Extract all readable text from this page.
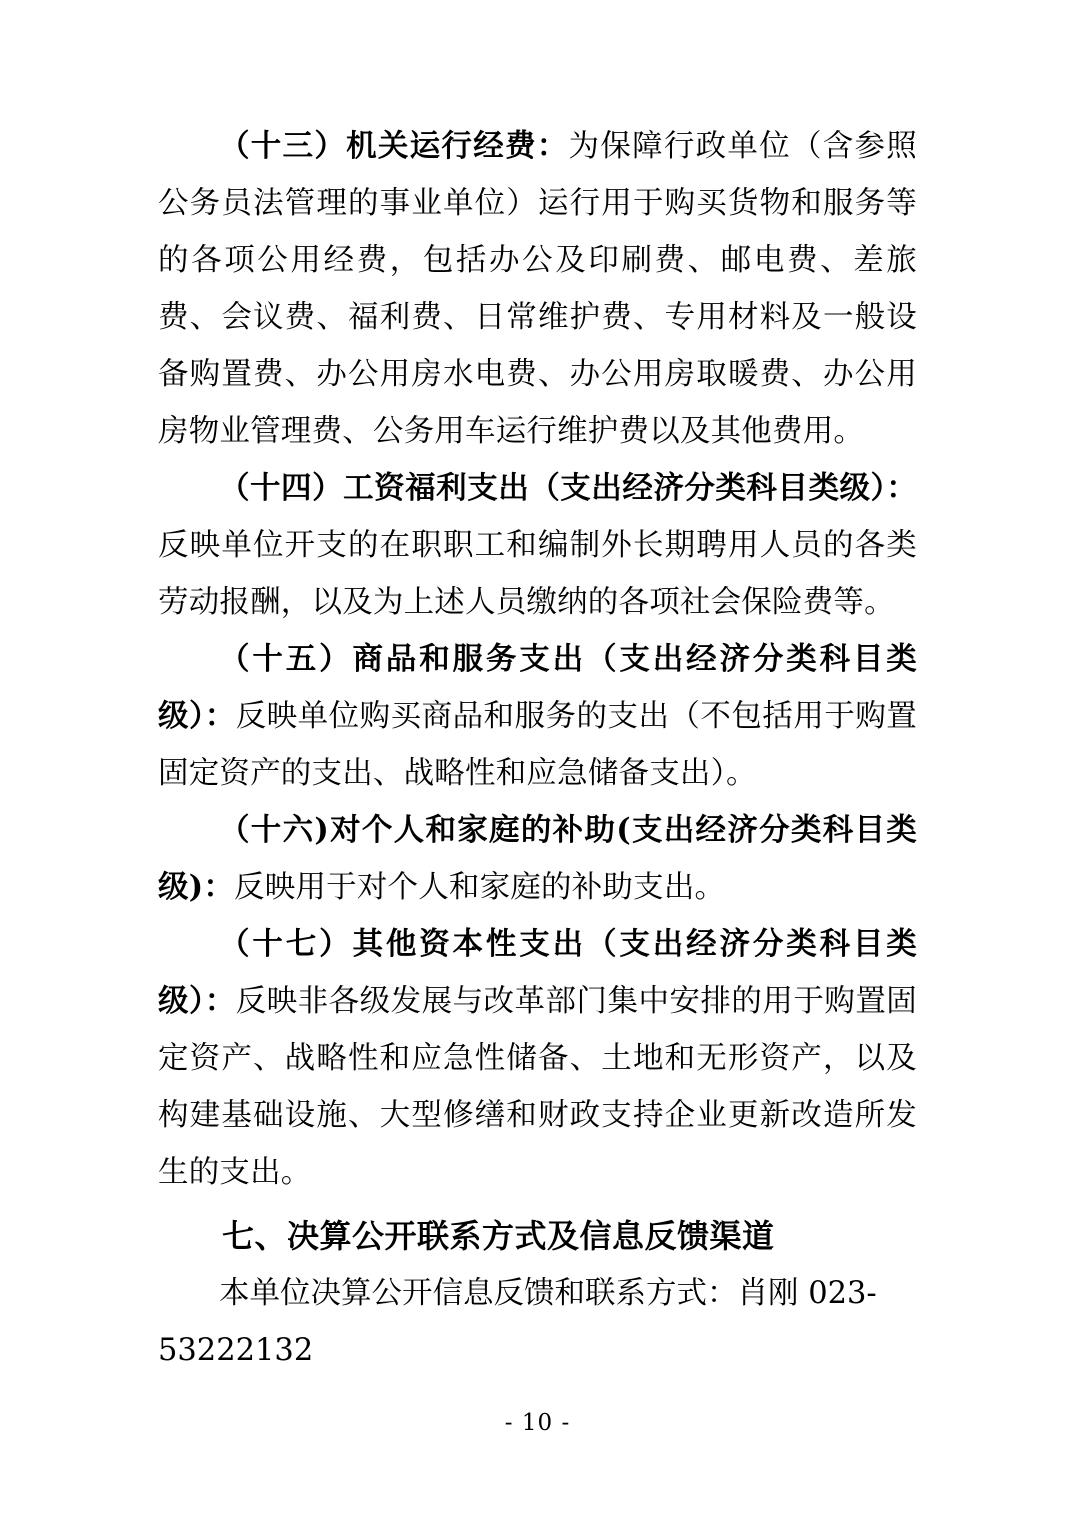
（十三）机关运行经费：为保障行政单位（含参照公务员法管理的事业单位）运行用于购买货物和服务等的各项公用经费，包括办公及印刷费、邮电费、差旅费、会议费、福利费、日常维护费、专用材料及一般设备购置费、办公用房水电费、办公用房取暖费、办公用房物业管理费、公务用车运行维护费以及其他费用。

（十四）工资福利支出（支出经济分类科目类级）：反映单位开支的在职职工和编制外长期聘用人员的各类劳动报酬，以及为上述人员缴纳的各项社会保险费等。

（十五）商品和服务支出（支出经济分类科目类级）：反映单位购买商品和服务的支出（不包括用于购置固定资产的支出、战略性和应急储备支出）。

（十六)对个人和家庭的补助(支出经济分类科目类级)：反映用于对个人和家庭的补助支出。

（十七）其他资本性支出（支出经济分类科目类级）：反映非各级发展与改革部门集中安排的用于购置固定资产、战略性和应急性储备、土地和无形资产，以及构建基础设施、大型修缮和财政支持企业更新改造所发生的支出。

七、决算公开联系方式及信息反馈渠道

本单位决算公开信息反馈和联系方式：肖刚 023-53222132

- 10 -
